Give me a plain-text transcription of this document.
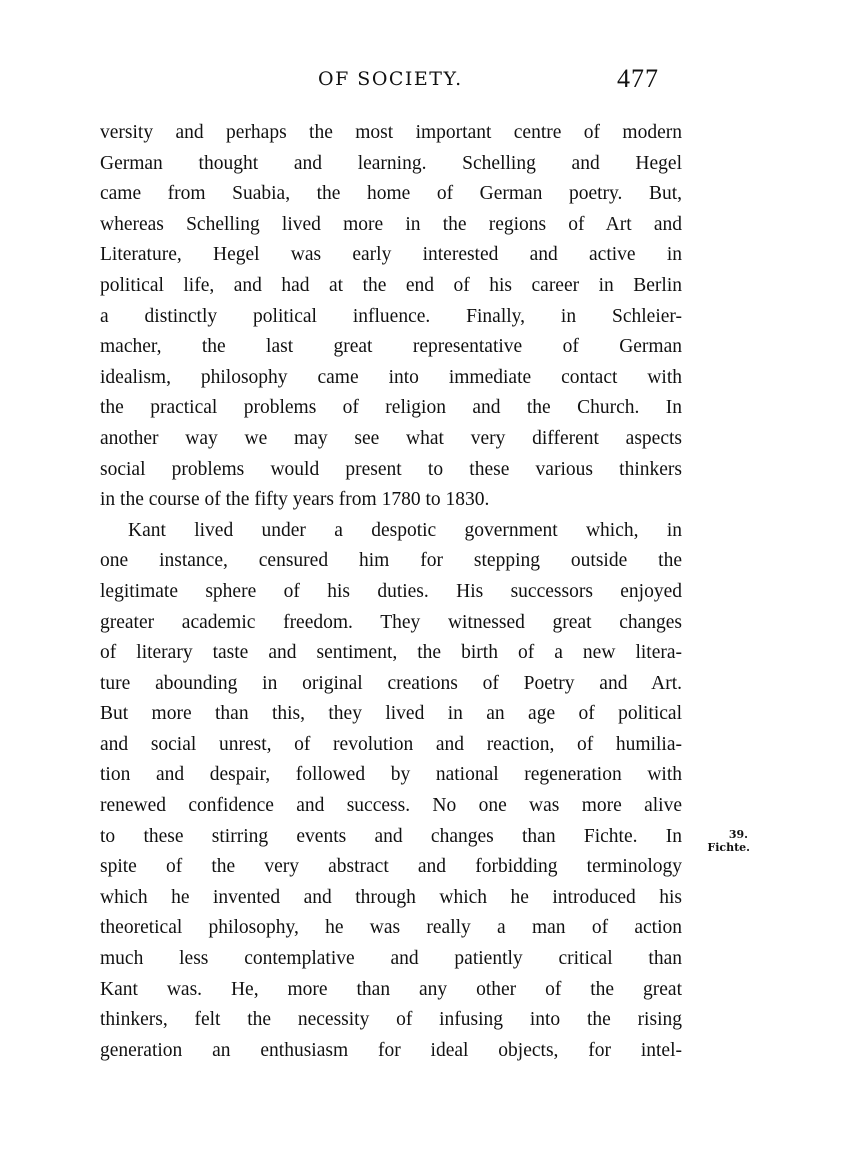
OF SOCIETY.	477
versity and perhaps the most important centre of modern
German thought and learning. Schelling and Hegel
came from Suabia, the home of German poetry. But,
whereas Schelling lived more in the regions of Art and
Literature, Hegel was early interested and active in
political life, and had at the end of his career in Berlin
a distinctly political influence. Finally, in Schleier-
macher, the last great representative of German
idealism, philosophy came into immediate contact with
the practical problems of religion and the Church. In
another way we may see what very different aspects
social problems would present to these various thinkers
in the course of the fifty years from 1780 to 1830.
Kant lived under a despotic government which, in
one instance, censured him for stepping outside the
legitimate sphere of his duties. His successors enjoyed
greater academic freedom. They witnessed great changes
of literary taste and sentiment, the birth of a new litera-
ture abounding in original creations of Poetry and Art.
But more than this, they lived in an age of political
and social unrest, of revolution and reaction, of humilia-
tion and despair, followed by national regeneration with
renewed confidence and success. No one was more alive
to these stirring events and changes than Fichte. In
spite of the very abstract and forbidding terminology
which he invented and through which he introduced his
theoretical philosophy, he was really a man of action
much less contemplative and patiently critical than
Kant was. He, more than any other of the great
thinkers, felt the necessity of infusing into the rising
generation an enthusiasm for ideal objects, for intel-
39.
Fichte.
